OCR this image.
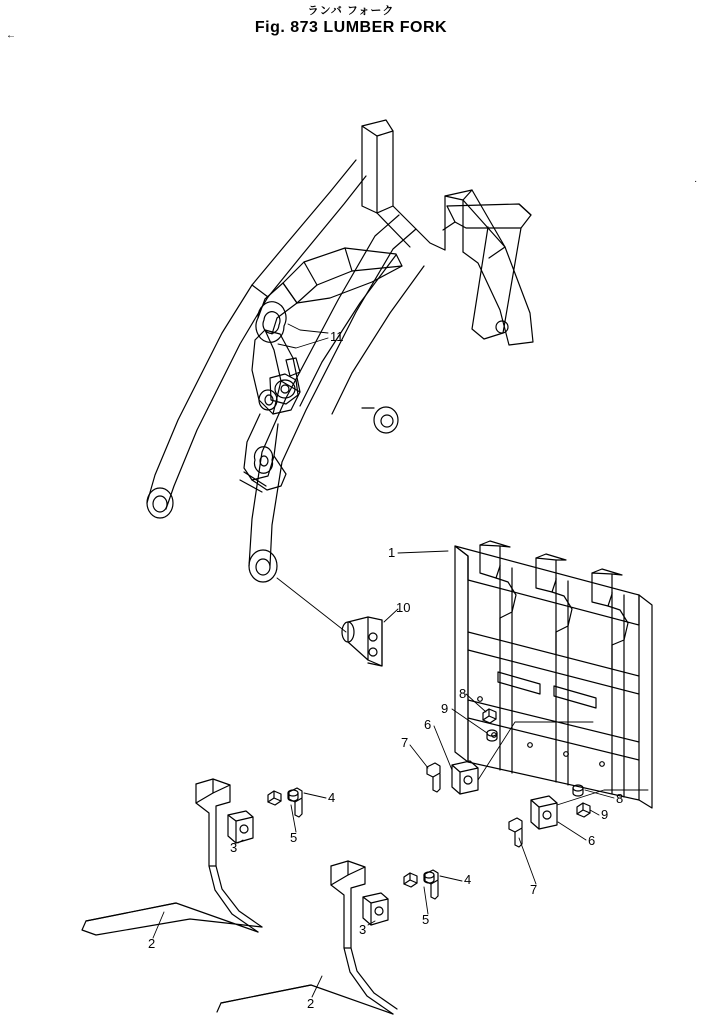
←
·
ランバ フォーク
Fig. 873 LUMBER FORK
11
1
10
8
9
6
7
8
9
6
7
4
5
3
2
4
5
3
2
